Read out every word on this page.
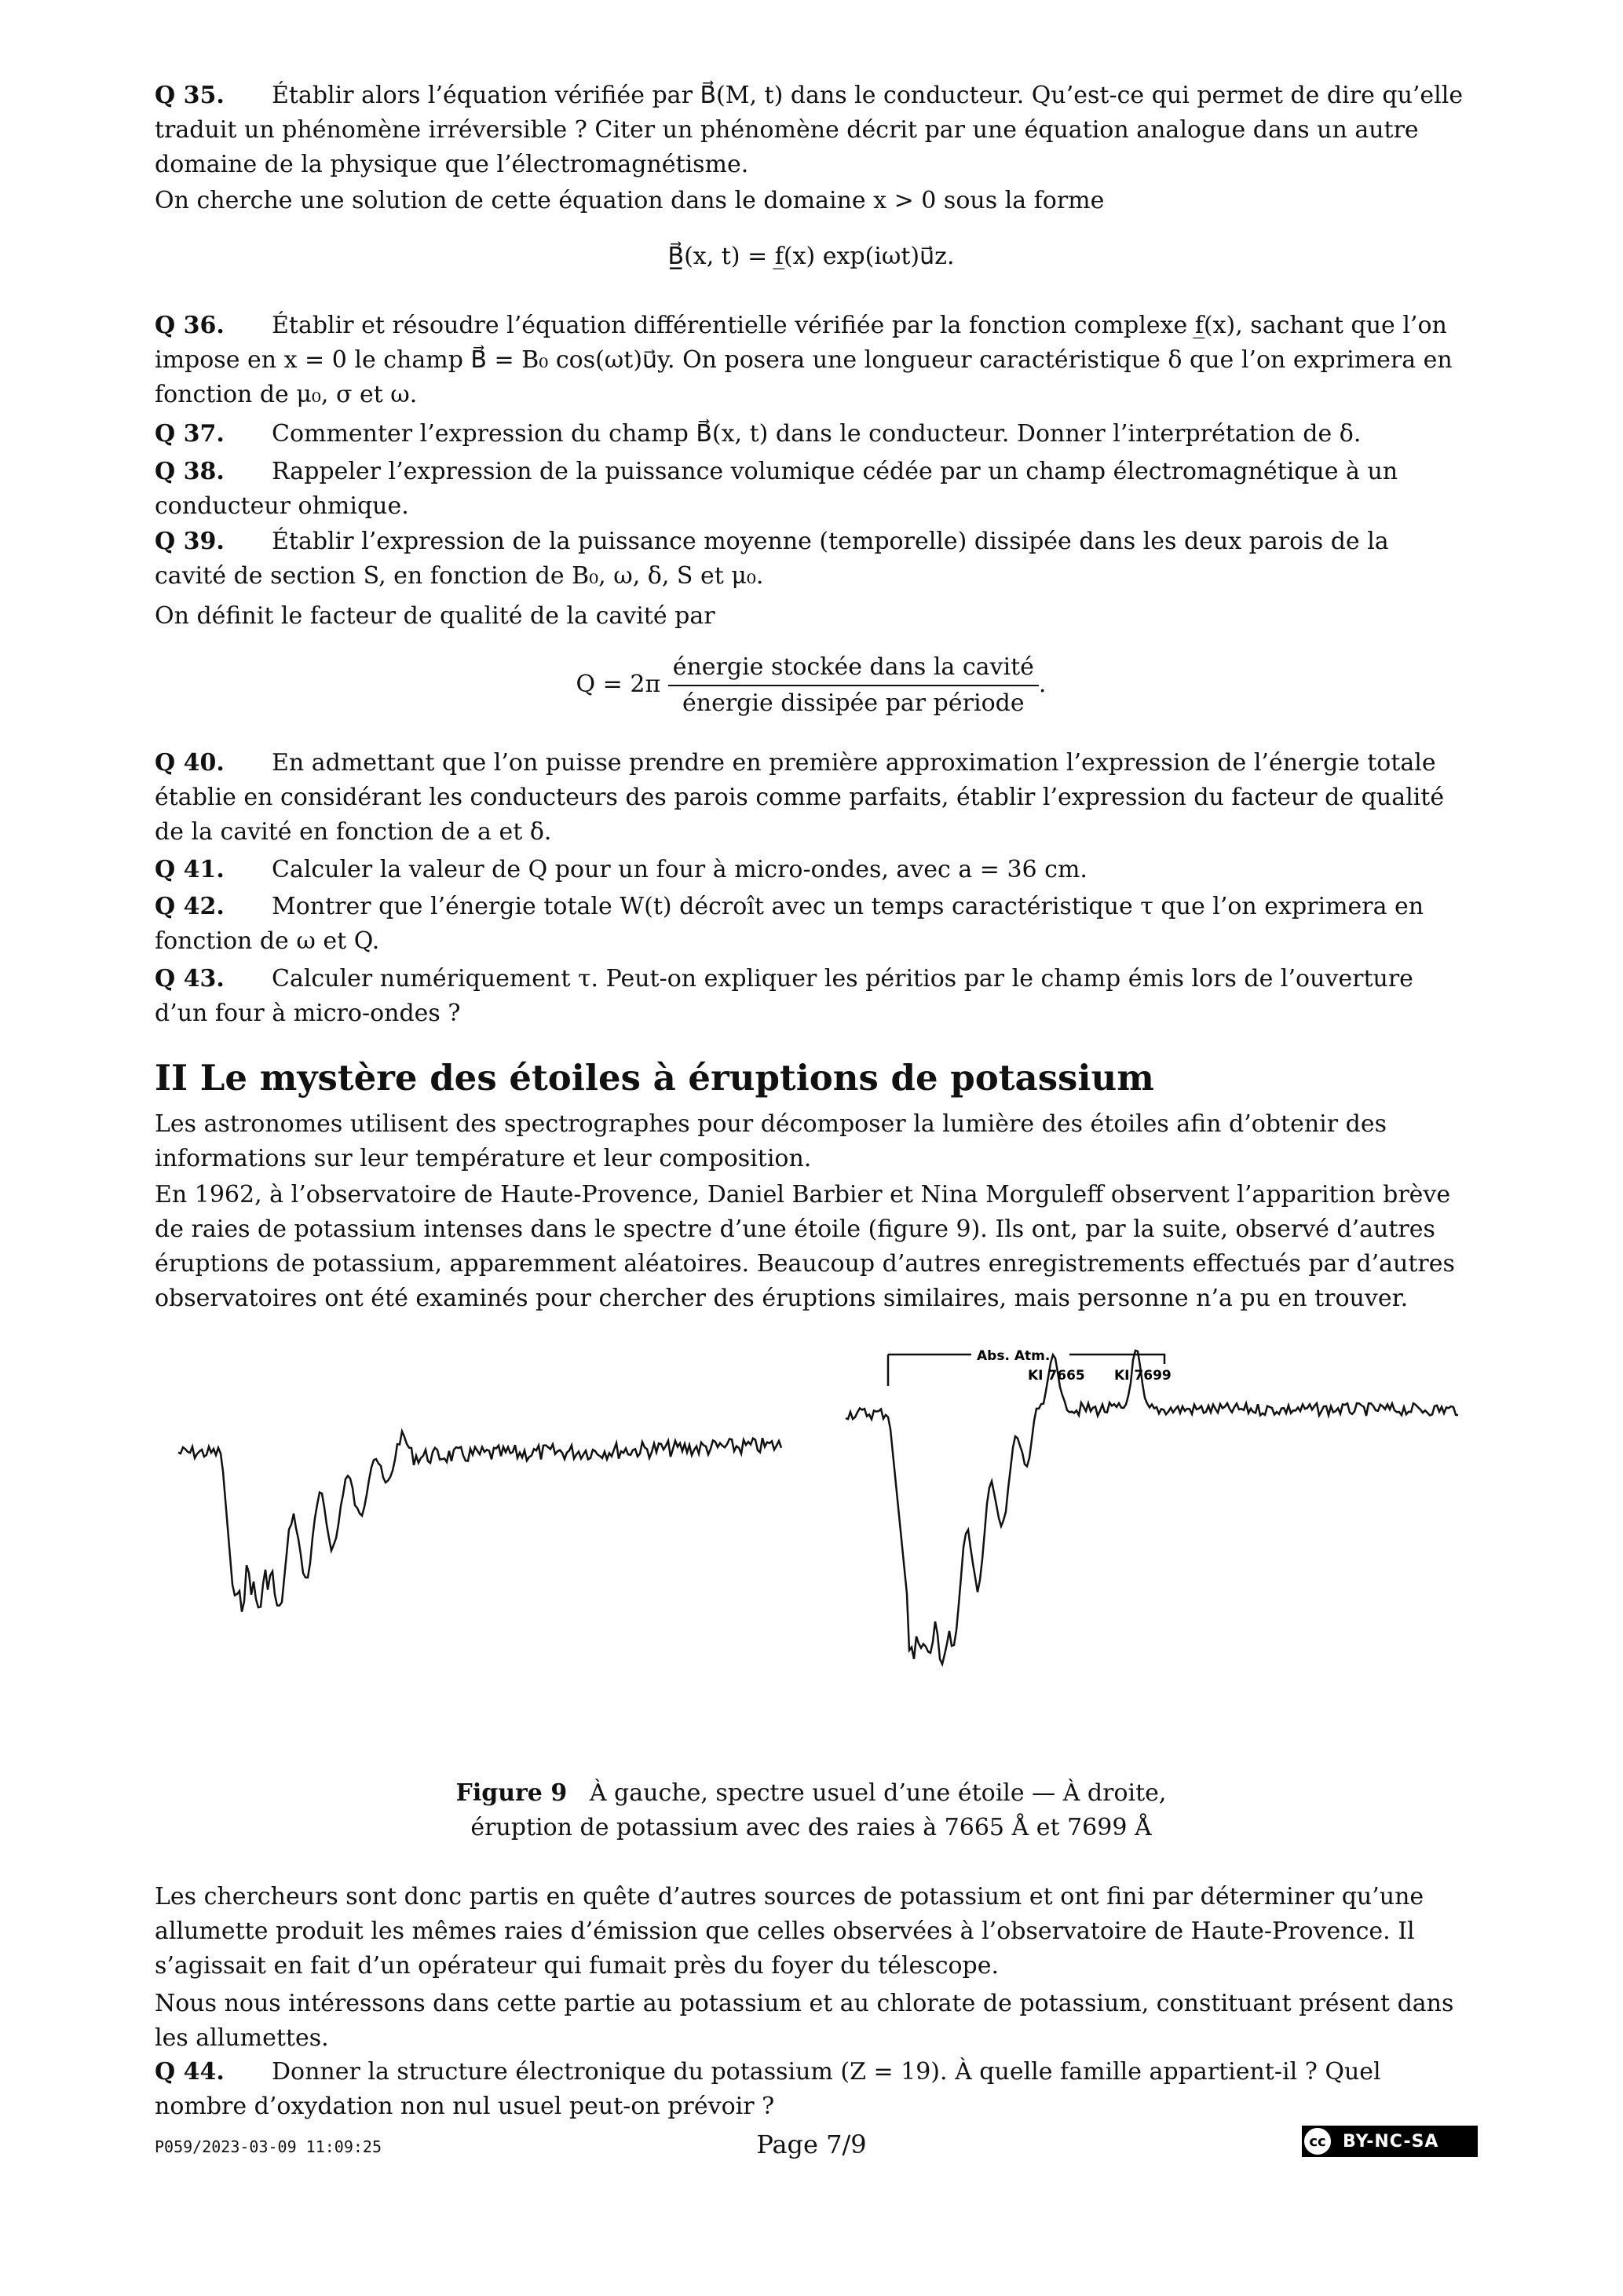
Q 35. Établir alors l’équation vérifiée par B⃗(M, t) dans le conducteur. Qu’est-ce qui permet de dire qu’elle traduit un phénomène irréversible ? Citer un phénomène décrit par une équation analogue dans un autre domaine de la physique que l’électromagnétisme.
On cherche une solution de cette équation dans le domaine x > 0 sous la forme
B̲⃗(x, t) = f̲(x) exp(iωt)u⃗z.
Q 36. Établir et résoudre l’équation différentielle vérifiée par la fonction complexe f̲(x), sachant que l’on impose en x = 0 le champ B⃗ = B₀ cos(ωt)u⃗y. On posera une longueur caractéristique δ que l’on exprimera en fonction de μ₀, σ et ω.
Q 37. Commenter l’expression du champ B⃗(x, t) dans le conducteur. Donner l’interprétation de δ.
Q 38. Rappeler l’expression de la puissance volumique cédée par un champ électromagnétique à un conducteur ohmique.
Q 39. Établir l’expression de la puissance moyenne (temporelle) dissipée dans les deux parois de la cavité de section S, en fonction de B₀, ω, δ, S et μ₀.
On définit le facteur de qualité de la cavité par
$Q = 2\pi \frac{\text{énergie stockée dans la cavité}}{\text{énergie dissipée par période}}$ .
Q 40. En admettant que l’on puisse prendre en première approximation l’expression de l’énergie totale établie en considérant les conducteurs des parois comme parfaits, établir l’expression du facteur de qualité de la cavité en fonction de a et δ.
Q 41. Calculer la valeur de Q pour un four à micro-ondes, avec a = 36 cm.
Q 42. Montrer que l’énergie totale W(t) décroît avec un temps caractéristique τ que l’on exprimera en fonction de ω et Q.
Q 43. Calculer numériquement τ. Peut-on expliquer les péritios par le champ émis lors de l’ouverture d’un four à micro-ondes ?
II Le mystère des étoiles à éruptions de potassium
Les astronomes utilisent des spectrographes pour décomposer la lumière des étoiles afin d’obtenir des informations sur leur température et leur composition.
En 1962, à l’observatoire de Haute-Provence, Daniel Barbier et Nina Morguleff observent l’apparition brève de raies de potassium intenses dans le spectre d’une étoile (figure 9). Ils ont, par la suite, observé d’autres éruptions de potassium, apparemment aléatoires. Beaucoup d’autres enregistrements effectués par d’autres observatoires ont été examinés pour chercher des éruptions similaires, mais personne n’a pu en trouver.
Abs. Atm.
KI 7665 KI 7699
Figure 9 À gauche, spectre usuel d’une étoile — À droite,
éruption de potassium avec des raies à 7665 Å et 7699 Å
Les chercheurs sont donc partis en quête d’autres sources de potassium et ont fini par déterminer qu’une allumette produit les mêmes raies d’émission que celles observées à l’observatoire de Haute-Provence. Il s’agissait en fait d’un opérateur qui fumait près du foyer du télescope.
Nous nous intéressons dans cette partie au potassium et au chlorate de potassium, constituant présent dans les allumettes.
Q 44. Donner la structure électronique du potassium (Z = 19). À quelle famille appartient-il ? Quel nombre d’oxydation non nul usuel peut-on prévoir ?
P059/2023-03-09 11:09:25	Page 7/9	cc BY-NC-SA
